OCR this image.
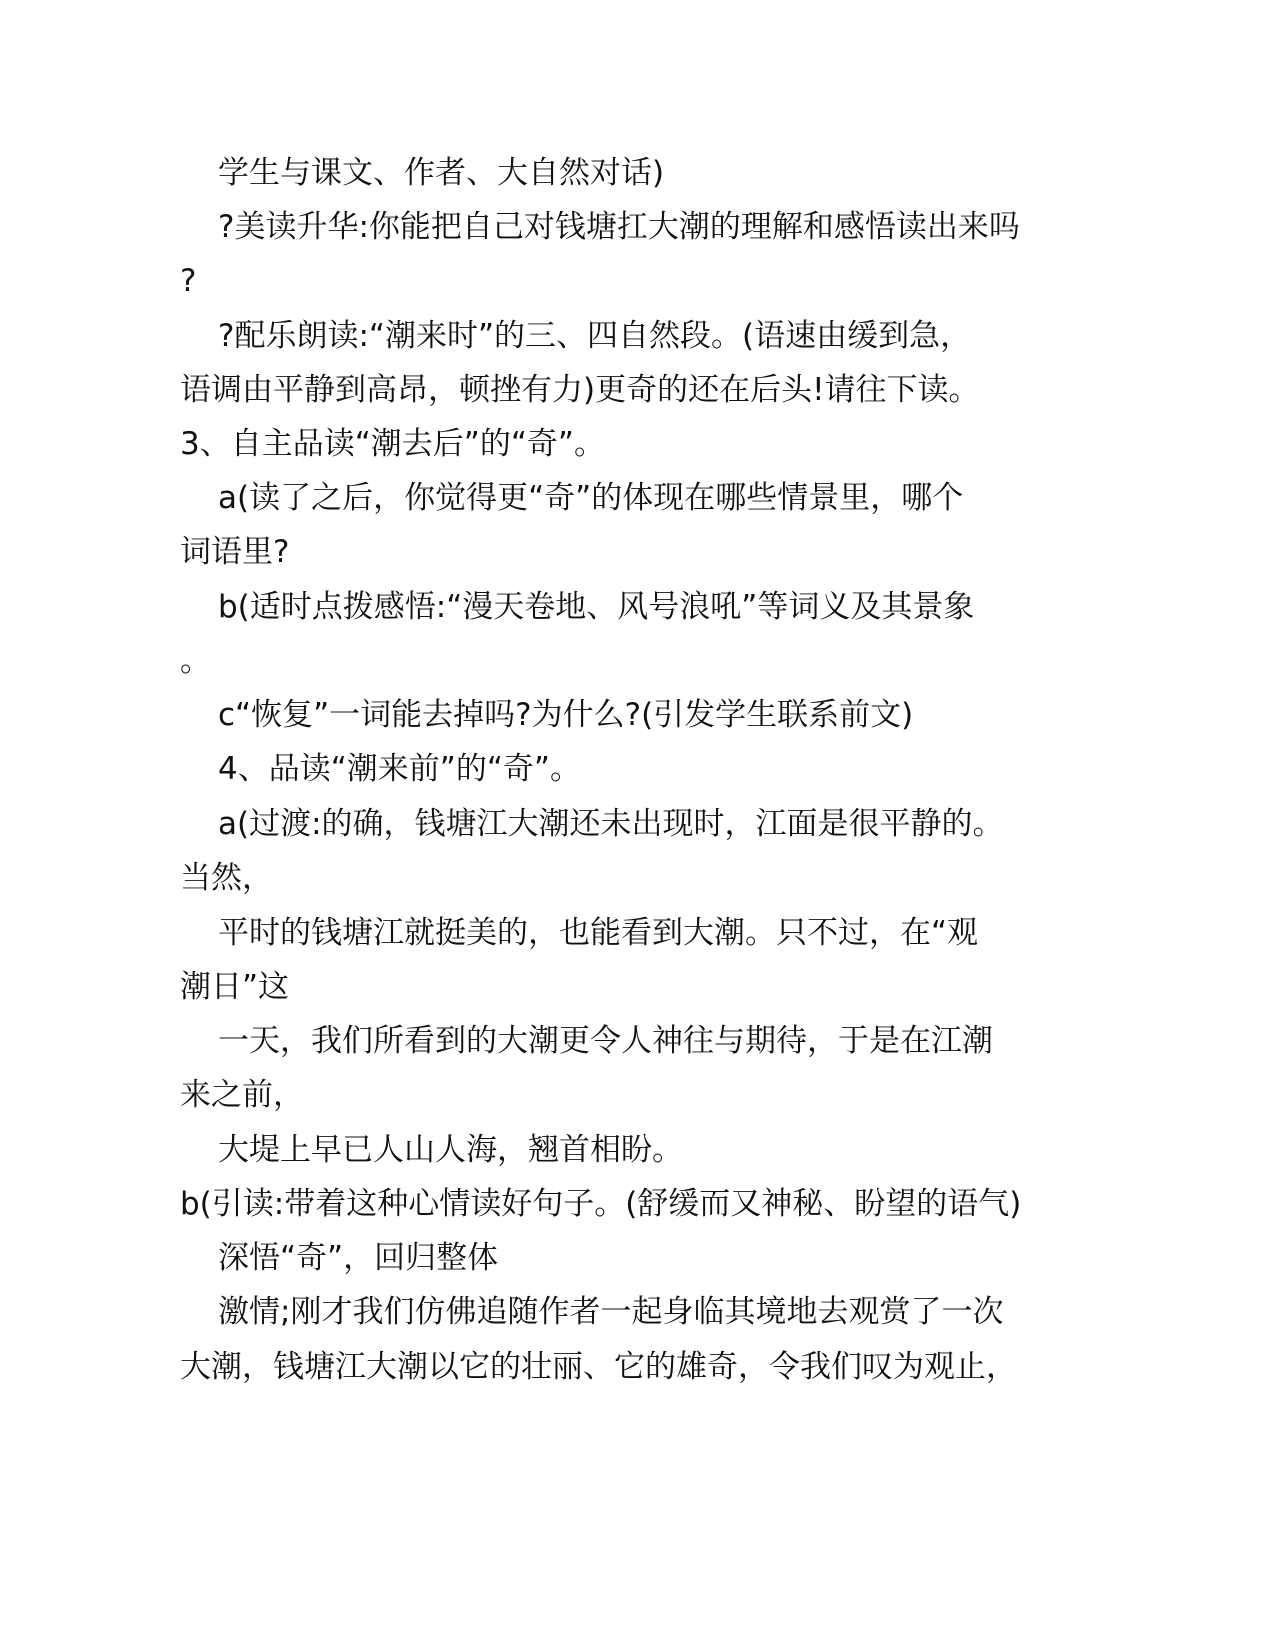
学生与课文、作者、大自然对话)

?美读升华:你能把自己对钱塘扛大潮的理解和感悟读出来吗

?

?配乐朗读:“潮来时”的三、四自然段。(语速由缓到急，

语调由平静到高昂，顿挫有力)更奇的还在后头!请往下读。

3、自主品读“潮去后”的“奇”。

a(读了之后，你觉得更“奇”的体现在哪些情景里，哪个

词语里?

b(适时点拨感悟:“漫天卷地、风号浪吼”等词义及其景象

。

c“恢复”一词能去掉吗?为什么?(引发学生联系前文)

4、品读“潮来前”的“奇”。

a(过渡:的确，钱塘江大潮还未出现时，江面是很平静的。

当然，

平时的钱塘江就挺美的，也能看到大潮。只不过，在“观

潮日”这

一天，我们所看到的大潮更令人神往与期待，于是在江潮

来之前，

大堤上早已人山人海，翘首相盼。

b(引读:带着这种心情读好句子。(舒缓而又神秘、盼望的语气)

深悟“奇”，回归整体

激情;刚才我们仿佛追随作者一起身临其境地去观赏了一次

大潮，钱塘江大潮以它的壮丽、它的雄奇，令我们叹为观止，
